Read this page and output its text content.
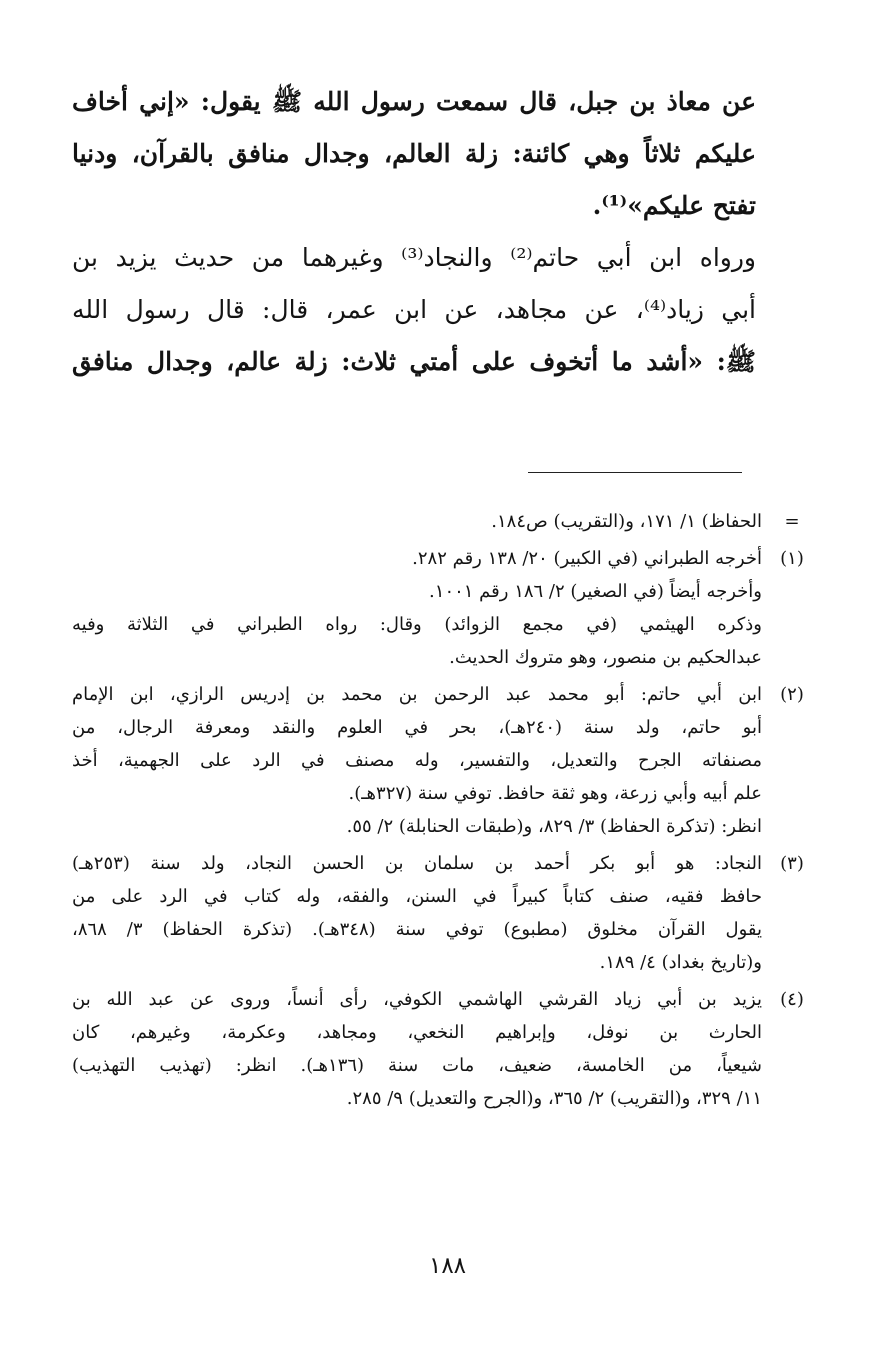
عن معاذ بن جبل، قال سمعت رسول الله ﷺ يقول: «إني أخاف
عليكم ثلاثاً وهي كائنة: زلة العالم، وجدال منافق بالقرآن، ودنيا
تفتح عليكم»⁽¹⁾.
ورواه ابن أبي حاتم⁽²⁾ والنجاد⁽³⁾ وغيرهما من حديث يزيد بن
أبي زياد⁽⁴⁾، عن مجاهد، عن ابن عمر، قال: قال رسول الله
ﷺ: «أشد ما أتخوف على أمتي ثلاث: زلة عالم، وجدال منافق
=
الحفاظ) ١/ ١٧١، و(التقريب) ص١٨٤.
(١)
أخرجه الطبراني (في الكبير) ٢٠/ ١٣٨ رقم ٢٨٢.
وأخرجه أيضاً (في الصغير) ٢/ ١٨٦ رقم ١٠٠١.
وذكره الهيثمي (في مجمع الزوائد) وقال: رواه الطبراني في الثلاثة وفيه
عبدالحكيم بن منصور، وهو متروك الحديث.
(٢)
ابن أبي حاتم: أبو محمد عبد الرحمن بن محمد بن إدريس الرازي، ابن الإمام
أبو حاتم، ولد سنة (٢٤٠هـ)، بحر في العلوم والنقد ومعرفة الرجال، من
مصنفاته الجرح والتعديل، والتفسير، وله مصنف في الرد على الجهمية، أخذ
علم أبيه وأبي زرعة، وهو ثقة حافظ. توفي سنة (٣٢٧هـ).
انظر: (تذكرة الحفاظ) ٣/ ٨٢٩، و(طبقات الحنابلة) ٢/ ٥٥.
(٣)
النجاد: هو أبو بكر أحمد بن سلمان بن الحسن النجاد، ولد سنة (٢٥٣هـ)
حافظ فقيه، صنف كتاباً كبيراً في السنن، والفقه، وله كتاب في الرد على من
يقول القرآن مخلوق (مطبوع) توفي سنة (٣٤٨هـ). (تذكرة الحفاظ) ٣/ ٨٦٨،
و(تاريخ بغداد) ٤/ ١٨٩.
(٤)
يزيد بن أبي زياد القرشي الهاشمي الكوفي، رأى أنساً، وروى عن عبد الله بن
الحارث بن نوفل، وإبراهيم النخعي، ومجاهد، وعكرمة، وغيرهم، كان
شيعياً، من الخامسة، ضعيف، مات سنة (١٣٦هـ). انظر: (تهذيب التهذيب)
١١/ ٣٢٩، و(التقريب) ٢/ ٣٦٥، و(الجرح والتعديل) ٩/ ٢٨٥.
١٨٨
